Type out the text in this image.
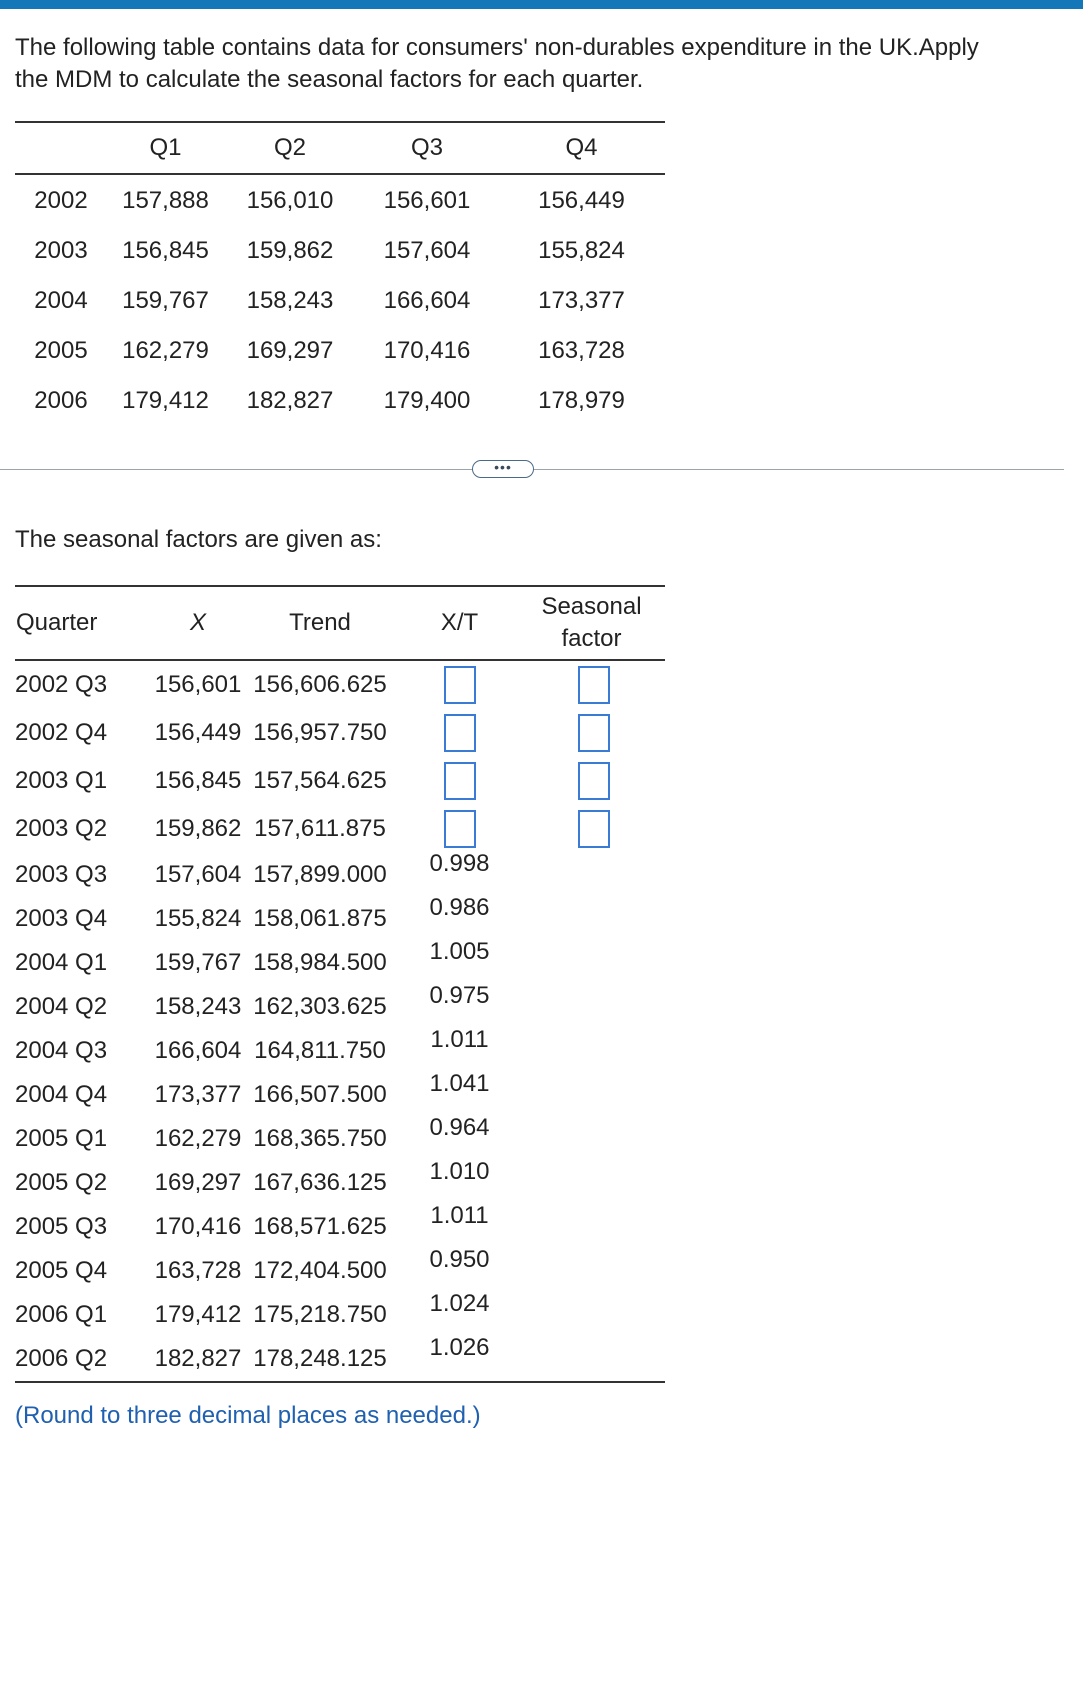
The following table contains data for consumers' non-durables expenditure in the UK.Apply the MDM to calculate the seasonal factors for each quarter.
	Q1	Q2	Q3	Q4
2002	157,888	156,010	156,601	156,449
2003	156,845	159,862	157,604	155,824
2004	159,767	158,243	166,604	173,377
2005	162,279	169,297	170,416	163,728
2006	179,412	182,827	179,400	178,979
•••
The seasonal factors are given as:
Quarter	X	Trend	X/T	Seasonal factor
2002 Q3	156,601	156,606.625		
2002 Q4	156,449	156,957.750		
2003 Q1	156,845	157,564.625		
2003 Q2	159,862	157,611.875		
2003 Q3	157,604	157,899.000	0.998	
2003 Q4	155,824	158,061.875	0.986	
2004 Q1	159,767	158,984.500	1.005	
2004 Q2	158,243	162,303.625	0.975	
2004 Q3	166,604	164,811.750	1.011	
2004 Q4	173,377	166,507.500	1.041	
2005 Q1	162,279	168,365.750	0.964	
2005 Q2	169,297	167,636.125	1.010	
2005 Q3	170,416	168,571.625	1.011	
2005 Q4	163,728	172,404.500	0.950	
2006 Q1	179,412	175,218.750	1.024	
2006 Q2	182,827	178,248.125	1.026	
(Round to three decimal places as needed.)
